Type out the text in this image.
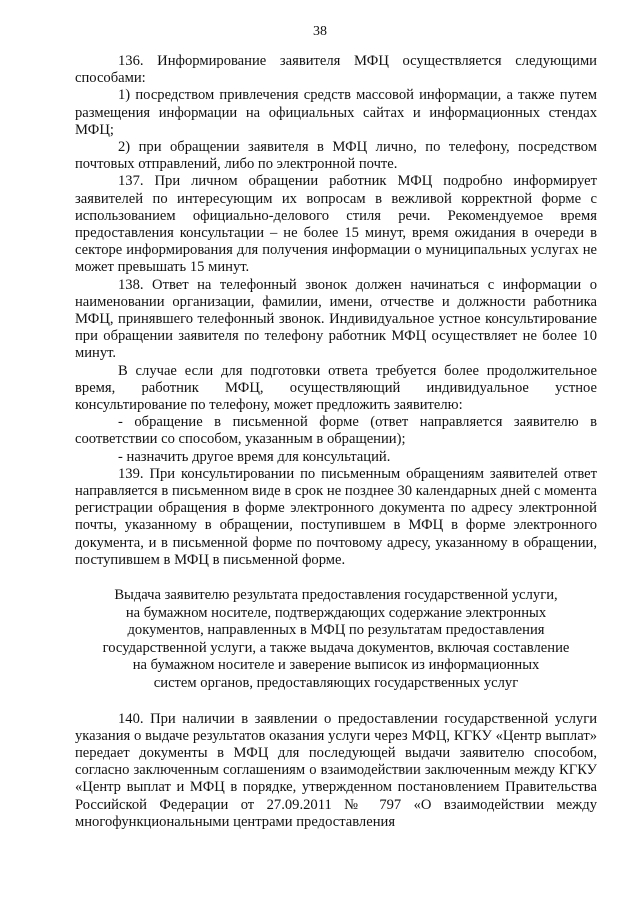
38

136. Информирование заявителя МФЦ осуществляется следующими способами:

1) посредством привлечения средств массовой информации, а также путем размещения информации на официальных сайтах и информационных стендах МФЦ;

2) при обращении заявителя в МФЦ лично, по телефону, посредством почтовых отправлений, либо по электронной почте.

137. При личном обращении работник МФЦ подробно информирует заявителей по интересующим их вопросам в вежливой корректной форме с использованием официально-делового стиля речи. Рекомендуемое время предоставления консультации – не более 15 минут, время ожидания в очереди в секторе информирования для получения информации о муниципальных услугах не может превышать 15 минут.

138. Ответ на телефонный звонок должен начинаться с информации о наименовании организации, фамилии, имени, отчестве и должности работника МФЦ, принявшего телефонный звонок. Индивидуальное устное консультирование при обращении заявителя по телефону работник МФЦ осуществляет не более 10 минут.

В случае если для подготовки ответа требуется более продолжительное время, работник МФЦ, осуществляющий индивидуальное устное консультирование по телефону, может предложить заявителю:

- обращение в письменной форме (ответ направляется заявителю в соответствии со способом, указанным в обращении);

- назначить другое время для консультаций.

139. При консультировании по письменным обращениям заявителей ответ направляется в письменном виде в срок не позднее 30 календарных дней с момента регистрации обращения в форме электронного документа по адресу электронной почты, указанному в обращении, поступившем в МФЦ в форме электронного документа, и в письменной форме по почтовому адресу, указанному в обращении, поступившем в МФЦ в письменной форме.

Выдача заявителю результата предоставления государственной услуги,
на бумажном носителе, подтверждающих содержание электронных
документов, направленных в МФЦ по результатам предоставления
государственной услуги, а также выдача документов, включая составление
на бумажном носителе и заверение выписок из информационных
систем органов, предоставляющих государственных услуг

140. При наличии в заявлении о предоставлении государственной услуги указания о выдаче результатов оказания услуги через МФЦ, КГКУ «Центр выплат» передает документы в МФЦ для последующей выдачи заявителю способом, согласно заключенным соглашениям о взаимодействии заключенным между КГКУ «Центр выплат и МФЦ в порядке, утвержденном постановлением Правительства Российской Федерации от 27.09.2011 № 797 «О взаимодействии между многофункциональными центрами предоставления
